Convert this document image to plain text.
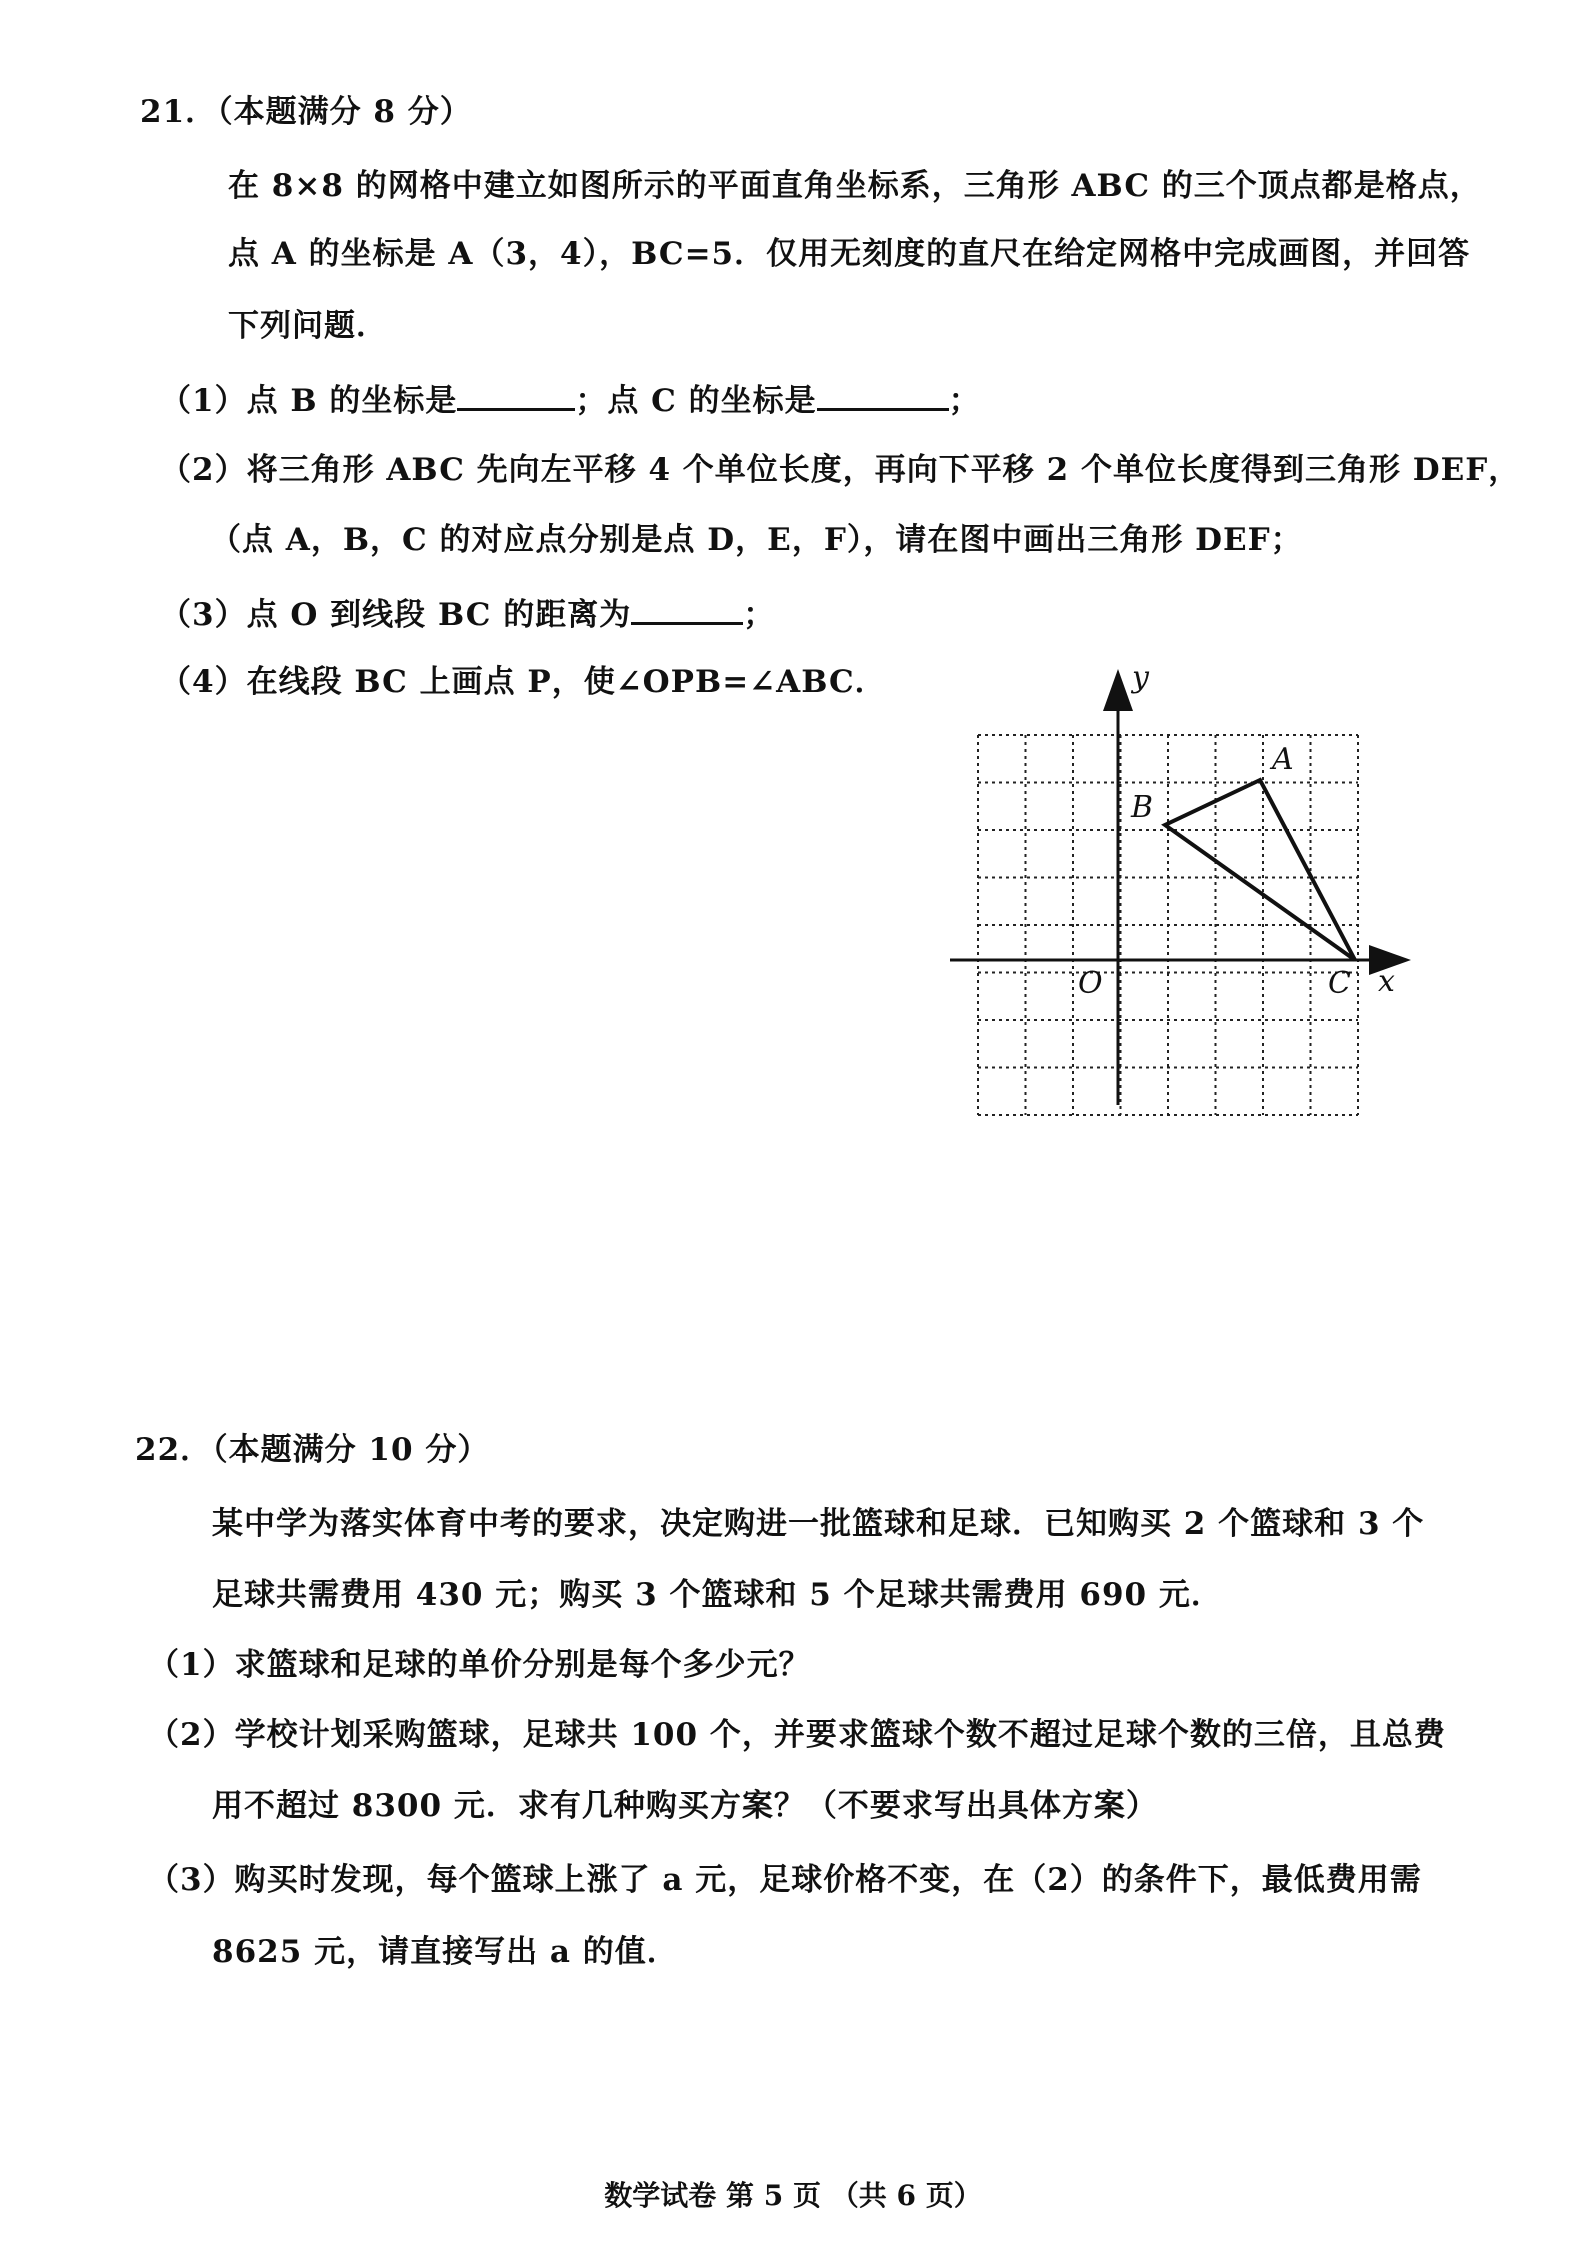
21．（本题满分 8 分）
在 8×8 的网格中建立如图所示的平面直角坐标系，三角形 ABC 的三个顶点都是格点，
点 A 的坐标是 A（3，4），BC=5．仅用无刻度的直尺在给定网格中完成画图，并回答
下列问题．
（1）点 B 的坐标是	；点 C 的坐标是	；
（2）将三角形 ABC 先向左平移 4 个单位长度，再向下平移 2 个单位长度得到三角形 DEF，
（点 A，B，C 的对应点分别是点 D，E，F），请在图中画出三角形 DEF；
（3）点 O 到线段 BC 的距离为	；
（4）在线段 BC 上画点 P，使∠OPB=∠ABC．	y
x
O
A
B
C
22．（本题满分 10 分）
某中学为落实体育中考的要求，决定购进一批篮球和足球．已知购买 2 个篮球和 3 个
足球共需费用 430 元；购买 3 个篮球和 5 个足球共需费用 690 元．
（1）求篮球和足球的单价分别是每个多少元？
（2）学校计划采购篮球，足球共 100 个，并要求篮球个数不超过足球个数的三倍，且总费
用不超过 8300 元．求有几种购买方案？（不要求写出具体方案）
（3）购买时发现，每个篮球上涨了 a 元，足球价格不变，在（2）的条件下，最低费用需
8625 元，请直接写出 a 的值．
数学试卷 第 5 页 （共 6 页）
